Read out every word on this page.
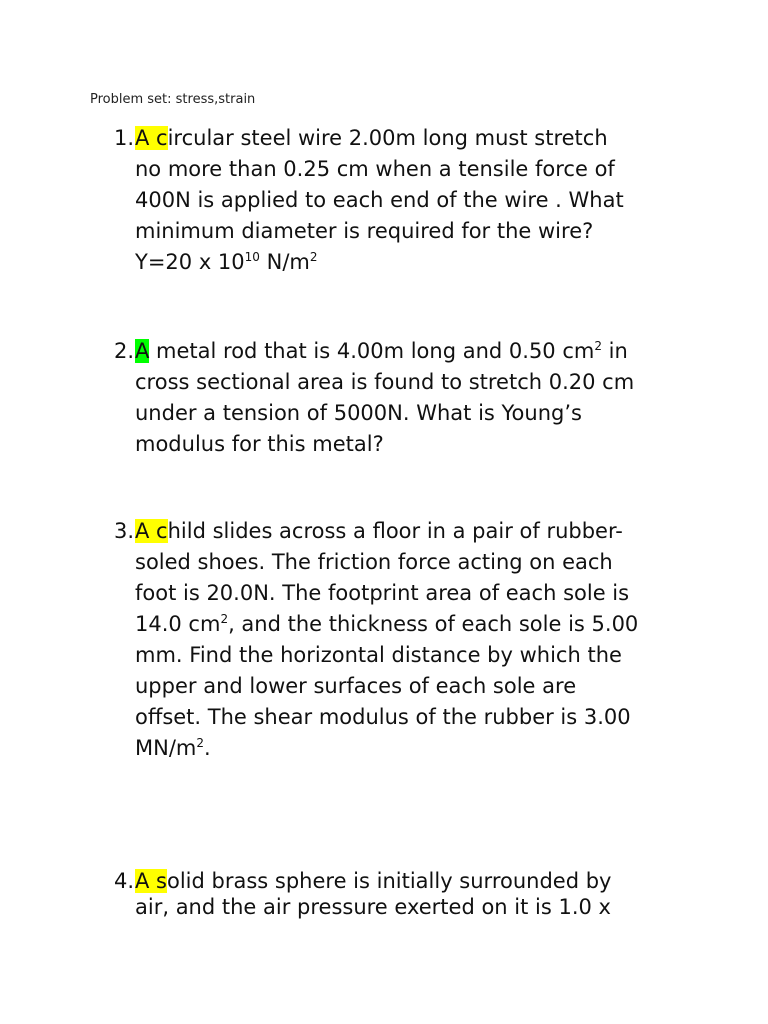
Problem set: stress,strain
1. A circular steel wire 2.00m long must stretch
no more than 0.25 cm when a tensile force of
400N is applied to each end of the wire . What
minimum diameter is required for the wire?
Y=20 x $10^{10}$ $N/m^2$
2. A metal rod that is 4.00m long and 0.50 $cm^2$ in
cross sectional area is found to stretch 0.20 cm
under a tension of 5000N. What is Young’s
modulus for this metal?
3. A child slides across a floor in a pair of rubber-
soled shoes. The friction force acting on each
foot is 20.0N. The footprint area of each sole is
14.0 $cm^2$, and the thickness of each sole is 5.00
mm. Find the horizontal distance by which the
upper and lower surfaces of each sole are
offset. The shear modulus of the rubber is 3.00
$MN/m^2$.
4. A solid brass sphere is initially surrounded by
air, and the air pressure exerted on it is 1.0 x
